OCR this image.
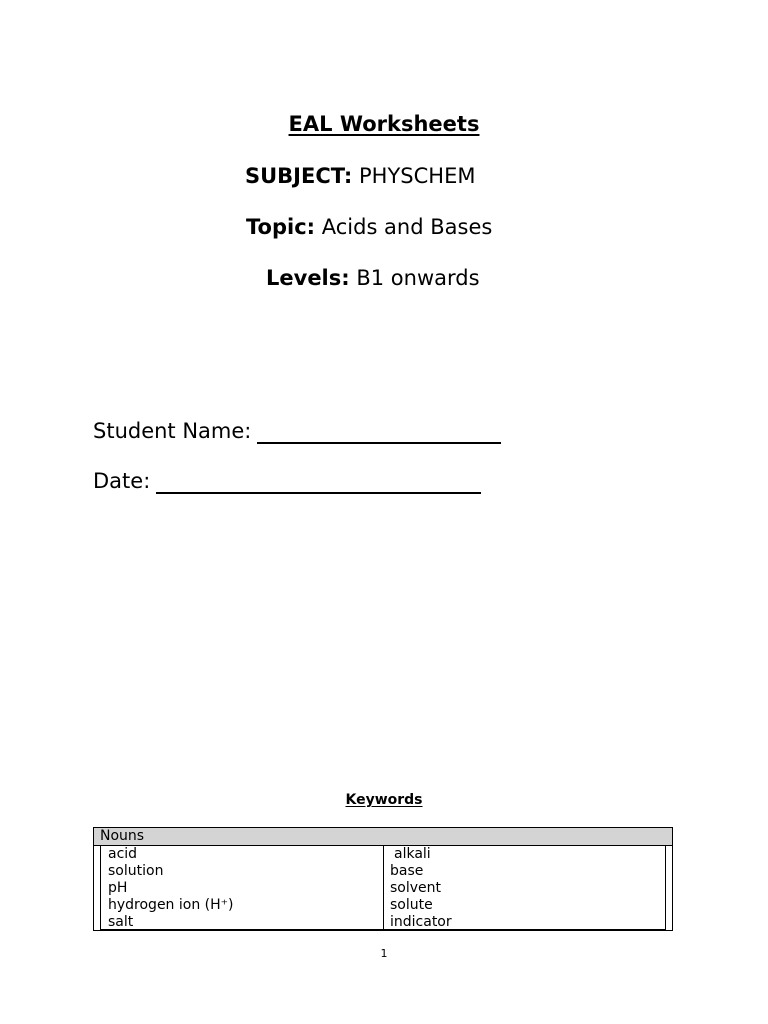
EAL Worksheets
SUBJECT: PHYSCHEM
Topic: Acids and Bases
Levels: B1 onwards
Student Name:
Date:
Keywords
Nouns
acid
solution
pH
hydrogen ion (H⁺)
salt
alkali
base
solvent
solute
indicator
1
